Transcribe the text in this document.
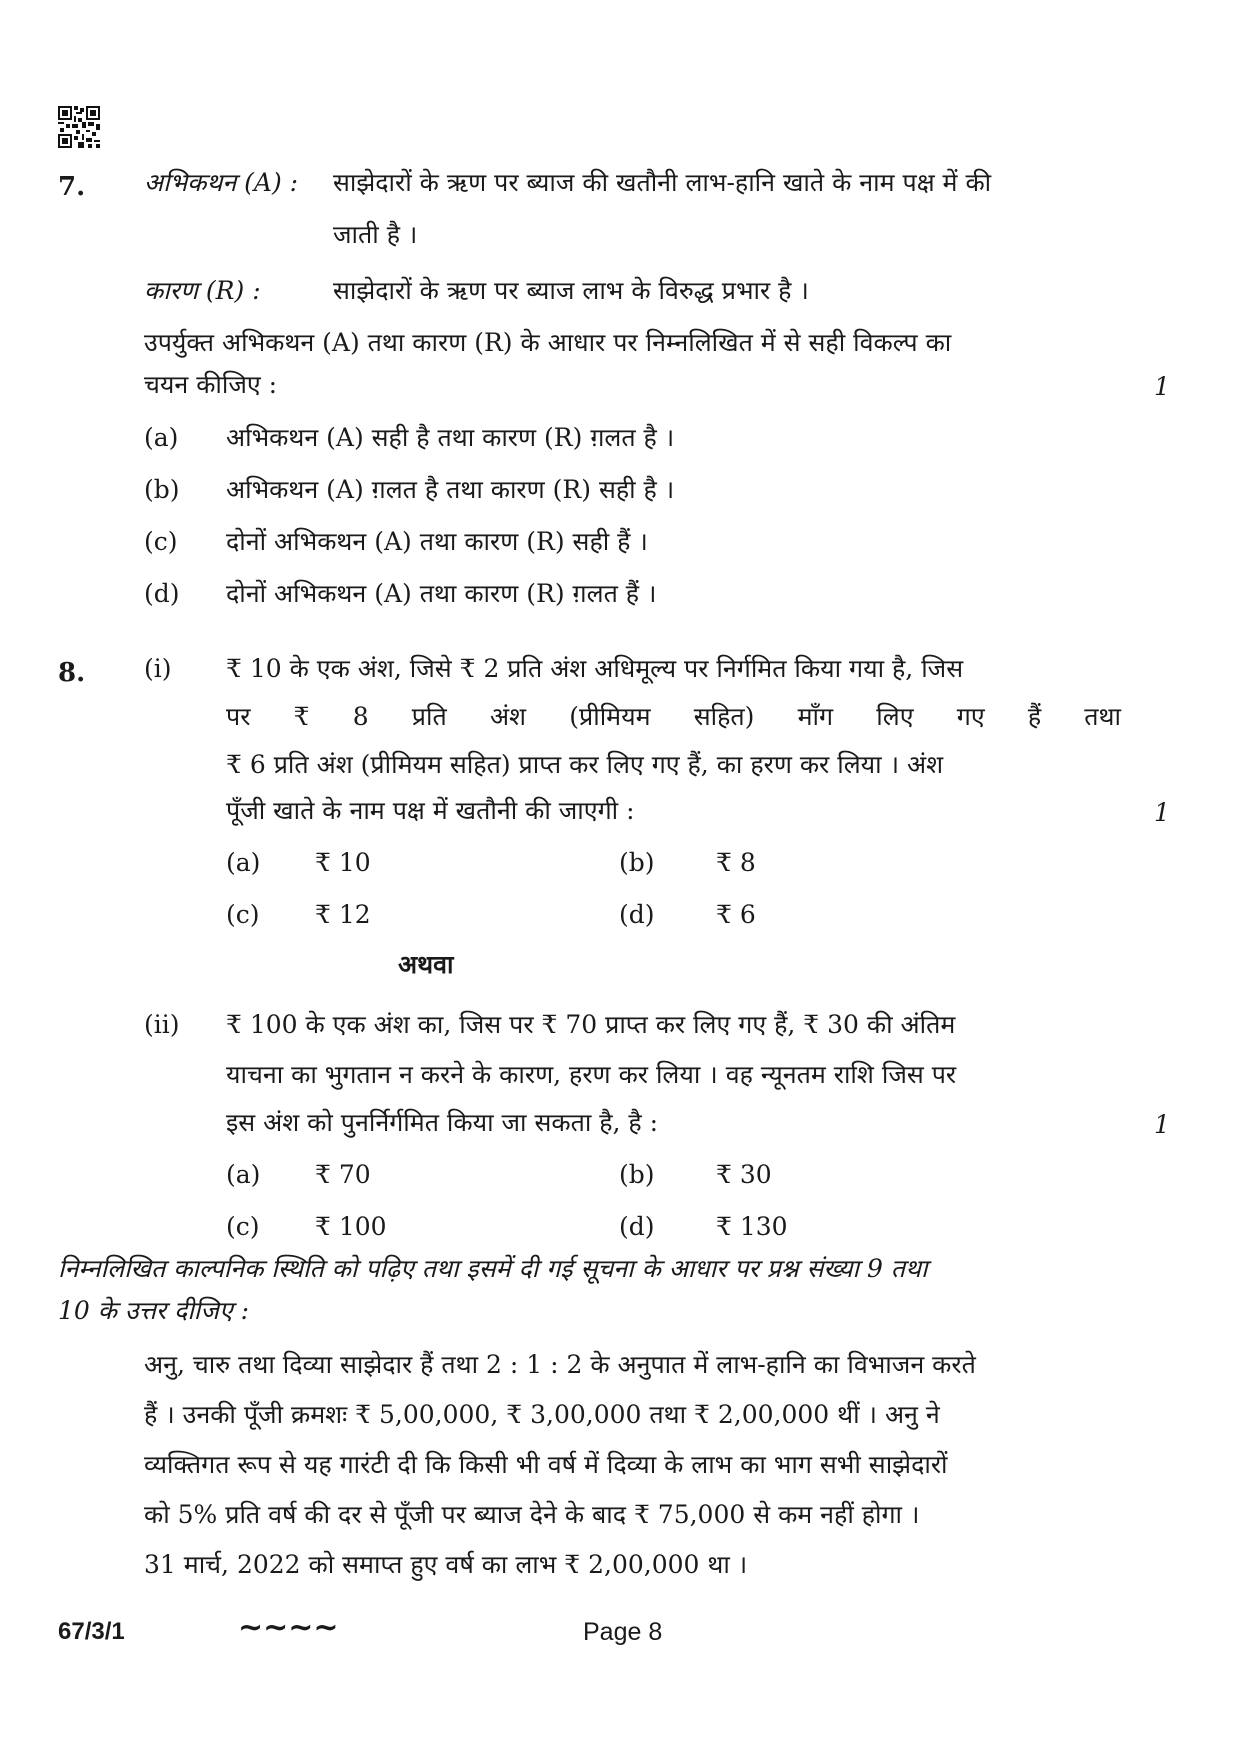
7. अभिकथन (A) : साझेदारों के ऋण पर ब्याज की खतौनी लाभ-हानि खाते के नाम पक्ष में की
जाती है ।
कारण (R) :	साझेदारों के ऋण पर ब्याज लाभ के विरुद्ध प्रभार है ।
उपर्युक्त अभिकथन (A) तथा कारण (R) के आधार पर निम्नलिखित में से सही विकल्प का
चयन कीजिए :	1
(a) अभिकथन (A) सही है तथा कारण (R) ग़लत है ।
(b) अभिकथन (A) ग़लत है तथा कारण (R) सही है ।
(c) दोनों अभिकथन (A) तथा कारण (R) सही हैं ।
(d) दोनों अभिकथन (A) तथा कारण (R) ग़लत हैं ।
8. (i) ₹ 10 के एक अंश, जिसे ₹ 2 प्रति अंश अधिमूल्य पर निर्गमित किया गया है, जिस
पर ₹ 8 प्रति अंश (प्रीमियम सहित) माँग लिए गए हैं तथा
₹ 6 प्रति अंश (प्रीमियम सहित) प्राप्त कर लिए गए हैं, का हरण कर लिया । अंश
पूँजी खाते के नाम पक्ष में खतौनी की जाएगी :	1
(a) ₹ 10	(b) ₹ 8
(c) ₹ 12	(d) ₹ 6
अथवा
(ii) ₹ 100 के एक अंश का, जिस पर ₹ 70 प्राप्त कर लिए गए हैं, ₹ 30 की अंतिम
याचना का भुगतान न करने के कारण, हरण कर लिया । वह न्यूनतम राशि जिस पर
इस अंश को पुनर्निर्गमित किया जा सकता है, है :	1
(a) ₹ 70	(b) ₹ 30
(c) ₹ 100	(d) ₹ 130
निम्नलिखित काल्पनिक स्थिति को पढ़िए तथा इसमें दी गई सूचना के आधार पर प्रश्न संख्या 9 तथा
10 के उत्तर दीजिए :
अनु, चारु तथा दिव्या साझेदार हैं तथा 2 : 1 : 2 के अनुपात में लाभ-हानि का विभाजन करते
हैं । उनकी पूँजी क्रमशः ₹ 5,00,000, ₹ 3,00,000 तथा ₹ 2,00,000 थीं । अनु ने
व्यक्तिगत रूप से यह गारंटी दी कि किसी भी वर्ष में दिव्या के लाभ का भाग सभी साझेदारों
को 5% प्रति वर्ष की दर से पूँजी पर ब्याज देने के बाद ₹ 75,000 से कम नहीं होगा ।
31 मार्च, 2022 को समाप्त हुए वर्ष का लाभ ₹ 2,00,000 था ।
67/3/1	∼∼∼∼	Page 8
